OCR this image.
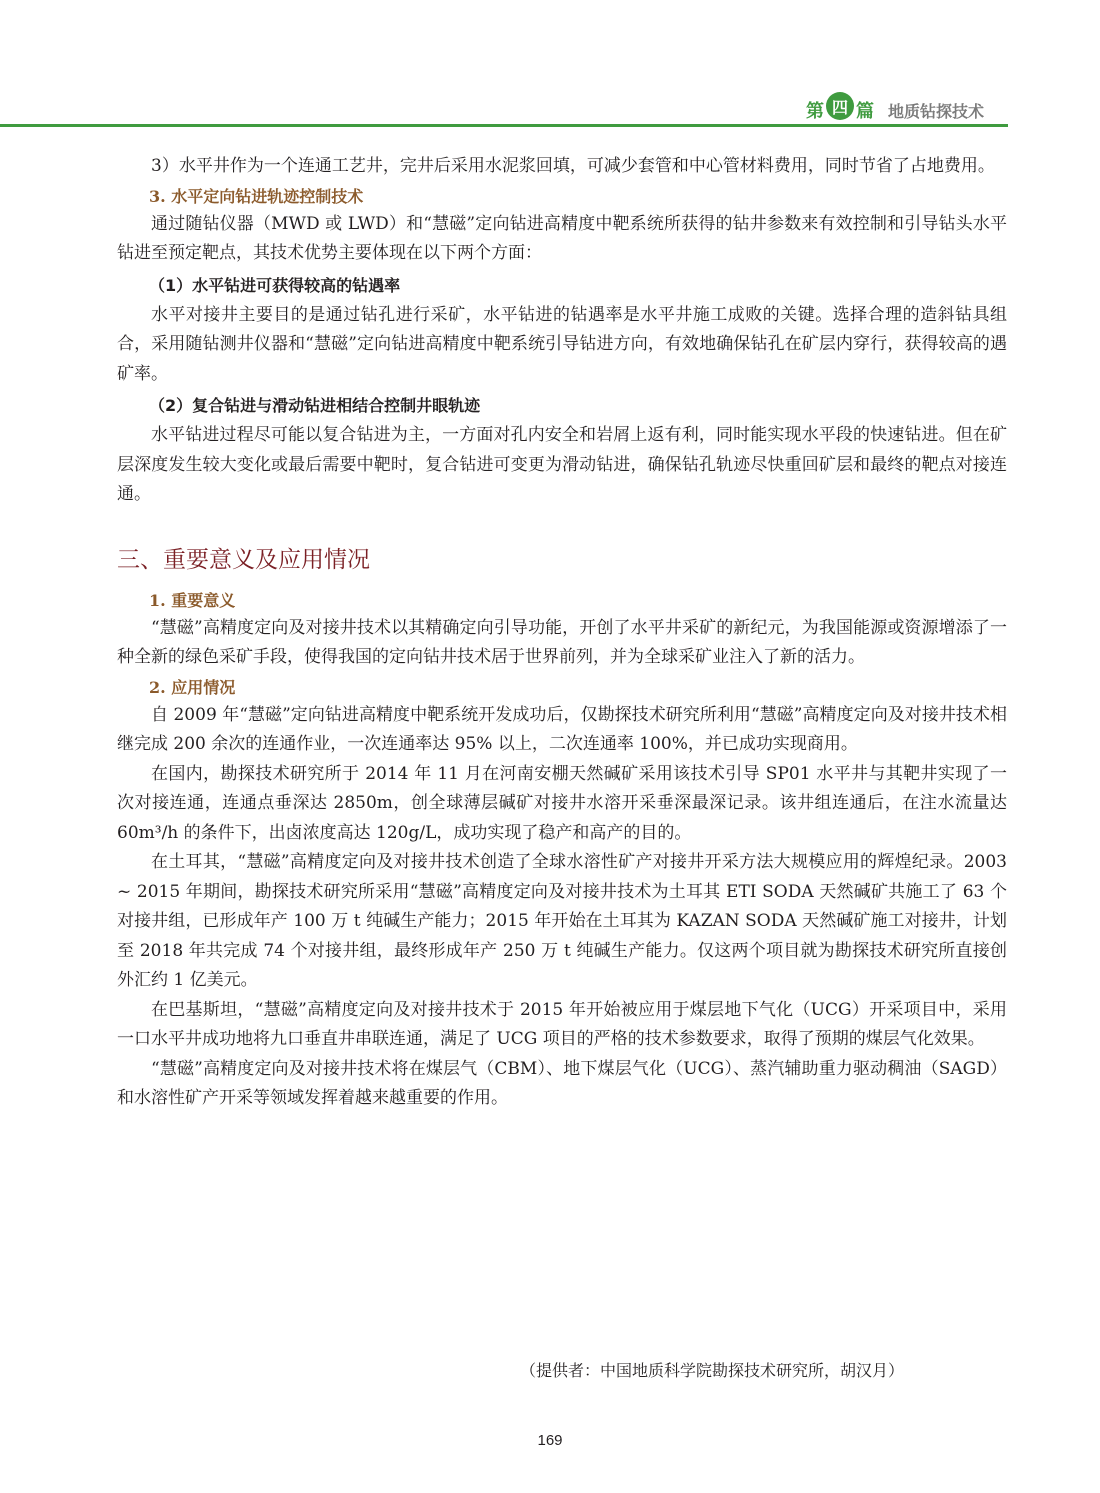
第 四 篇 地质钻探技术

3）水平井作为一个连通工艺井，完井后采用水泥浆回填，可减少套管和中心管材料费用，同时节省了占地费用。

3. 水平定向钻进轨迹控制技术

通过随钻仪器（MWD 或 LWD）和“慧磁”定向钻进高精度中靶系统所获得的钻井参数来有效控制和引导钻头水平钻进至预定靶点，其技术优势主要体现在以下两个方面：

（1）水平钻进可获得较高的钻遇率

水平对接井主要目的是通过钻孔进行采矿，水平钻进的钻遇率是水平井施工成败的关键。选择合理的造斜钻具组合，采用随钻测井仪器和“慧磁”定向钻进高精度中靶系统引导钻进方向，有效地确保钻孔在矿层内穿行，获得较高的遇矿率。

（2）复合钻进与滑动钻进相结合控制井眼轨迹

水平钻进过程尽可能以复合钻进为主，一方面对孔内安全和岩屑上返有利，同时能实现水平段的快速钻进。但在矿层深度发生较大变化或最后需要中靶时，复合钻进可变更为滑动钻进，确保钻孔轨迹尽快重回矿层和最终的靶点对接连通。

三、重要意义及应用情况
1. 重要意义

“慧磁”高精度定向及对接井技术以其精确定向引导功能，开创了水平井采矿的新纪元，为我国能源或资源增添了一种全新的绿色采矿手段，使得我国的定向钻井技术居于世界前列，并为全球采矿业注入了新的活力。

2. 应用情况

自 2009 年“慧磁”定向钻进高精度中靶系统开发成功后，仅勘探技术研究所利用“慧磁”高精度定向及对接井技术相继完成 200 余次的连通作业，一次连通率达 95% 以上，二次连通率 100%，并已成功实现商用。

在国内，勘探技术研究所于 2014 年 11 月在河南安棚天然碱矿采用该技术引导 SP01 水平井与其靶井实现了一次对接连通，连通点垂深达 2850m，创全球薄层碱矿对接井水溶开采垂深最深记录。该井组连通后，在注水流量达 60m³/h 的条件下，出卤浓度高达 120g/L，成功实现了稳产和高产的目的。

在土耳其，“慧磁”高精度定向及对接井技术创造了全球水溶性矿产对接井开采方法大规模应用的辉煌纪录。2003 ~ 2015 年期间，勘探技术研究所采用“慧磁”高精度定向及对接井技术为土耳其 ETI SODA 天然碱矿共施工了 63 个对接井组，已形成年产 100 万 t 纯碱生产能力；2015 年开始在土耳其为 KAZAN SODA 天然碱矿施工对接井，计划至 2018 年共完成 74 个对接井组，最终形成年产 250 万 t 纯碱生产能力。仅这两个项目就为勘探技术研究所直接创外汇约 1 亿美元。

在巴基斯坦，“慧磁”高精度定向及对接井技术于 2015 年开始被应用于煤层地下气化（UCG）开采项目中，采用一口水平井成功地将九口垂直井串联连通，满足了 UCG 项目的严格的技术参数要求，取得了预期的煤层气化效果。

“慧磁”高精度定向及对接井技术将在煤层气（CBM）、地下煤层气化（UCG）、蒸汽辅助重力驱动稠油（SAGD）和水溶性矿产开采等领域发挥着越来越重要的作用。

（提供者：中国地质科学院勘探技术研究所，胡汉月）
169
